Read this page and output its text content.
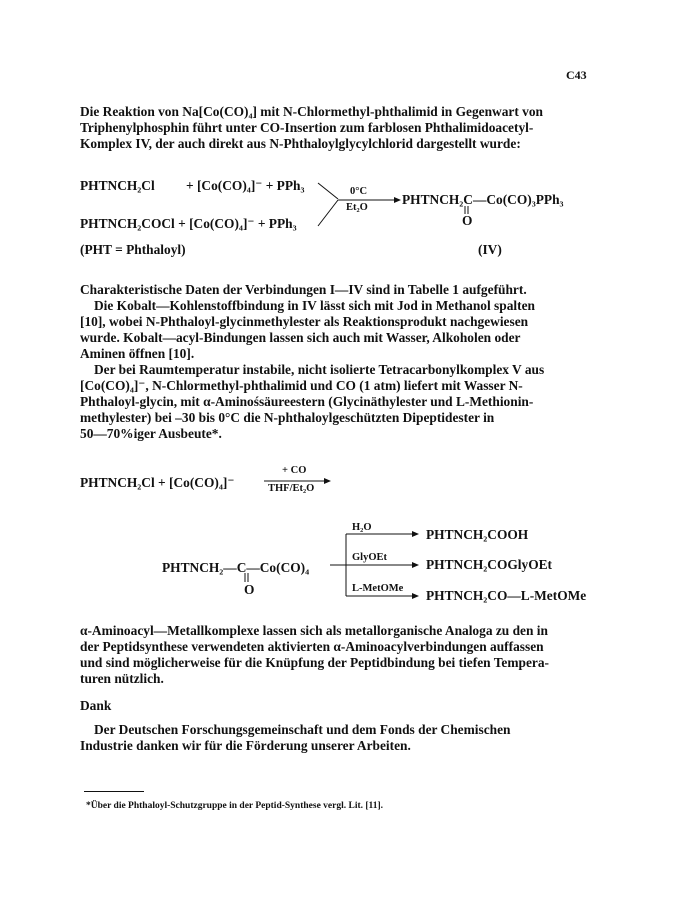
C43
Die Reaktion von Na[Co(CO)₄] mit N-Chlormethyl-phthalimid in Gegenwart von
Triphenylphosphin führt unter CO-Insertion zum farblosen Phthalimidoacetyl-
Komplex IV, der auch direkt aus N-Phthaloylglycylchlorid dargestellt wurde:
PHTNCH₂Cl + [Co(CO)₄]⁻ + PPh₃
PHTNCH₂COCl + [Co(CO)₄]⁻ + PPh₃
0°C
Et₂O
PHTNCH₂C—Co(CO)₃PPh₃
O
(PHT = Phthaloyl)	(IV)
Charakteristische Daten der Verbindungen I—IV sind in Tabelle 1 aufgeführt.
Die Kobalt—Kohlenstoffbindung in IV lässt sich mit Jod in Methanol spalten
[10], wobei N-Phthaloyl-glycinmethylester als Reaktionsprodukt nachgewiesen
wurde. Kobalt—acyl-Bindungen lassen sich auch mit Wasser, Alkoholen oder
Aminen öffnen [10].
Der bei Raumtemperatur instabile, nicht isolierte Tetracarbonylkomplex V aus
[Co(CO)₄]⁻, N-Chlormethyl-phthalimid und CO (1 atm) liefert mit Wasser N-
Phthaloyl-glycin, mit α-Aminośsäureestern (Glycinäthylester und L-Methionin-
methylester) bei –30 bis 0°C die N-phthaloylgeschützten Dipeptidester in
50—70%iger Ausbeute*.
PHTNCH₂Cl + [Co(CO)₄]⁻
+ CO
THF/Et₂O
PHTNCH₂—C—Co(CO)₄
O
H₂O
GlyOEt
L-MetOMe
PHTNCH₂COOH
PHTNCH₂COGlyOEt
PHTNCH₂CO—L-MetOMe
α-Aminoacyl—Metallkomplexe lassen sich als metallorganische Analoga zu den in
der Peptidsynthese verwendeten aktivierten α-Aminoacylverbindungen auffassen
und sind möglicherweise für die Knüpfung der Peptidbindung bei tiefen Tempera-
turen nützlich.
Dank
Der Deutschen Forschungsgemeinschaft und dem Fonds der Chemischen
Industrie danken wir für die Förderung unserer Arbeiten.
*Über die Phthaloyl-Schutzgruppe in der Peptid-Synthese vergl. Lit. [11].
